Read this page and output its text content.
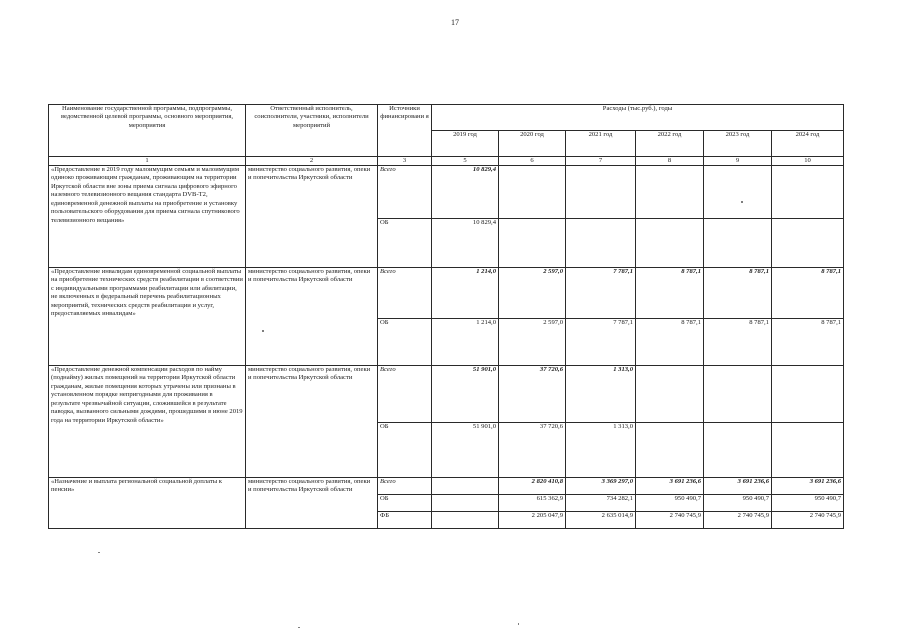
17
Наименование государственной программы, подпрограммы, ведомственной целевой программы, основного мероприятия, мероприятия	Ответственный исполнитель, соисполнители, участники, исполнители мероприятий	Источники финансировани я	Расходы (тыс.руб.), годы					
			2019 год	2020 год	2021 год	2022 год	2023 год	2024 год
1	2	3	5	6	7	8	9	10
«Предоставление в 2019 году малоимущим семьям и малоимущим одиноко проживающим гражданам, проживающим на территории Иркутской области вне зоны приема сигнала цифрового эфирного наземного телевизионного вещания стандарта DVB-T2, единовременной денежной выплаты на приобретение и установку пользовательского оборудования для приема сигнала спутникового телевизионного вещания»	министерство социального развития, опеки и попечительства Иркутской области	Всего	10 829,4					
		ОБ	10 829,4					
«Предоставление инвалидам единовременной социальной выплаты на приобретение технических средств реабилитации в соответствии с индивидуальными программами реабилитации или абилитации, не включенных в федеральный перечень реабилитационных мероприятий, технических средств реабилитации и услуг, предоставляемых инвалидам»	министерство социального развития, опеки и попечительства Иркутской области	Всего	1 214,0	2 597,0	7 787,1	8 787,1	8 787,1	8 787,1
		ОБ	1 214,0	2 597,0	7 787,1	8 787,1	8 787,1	8 787,1
«Предоставление денежной компенсации расходов по найму (поднайму) жилых помещений на территории Иркутской области гражданам, жилые помещения которых утрачены или признаны в установленном порядке непригодными для проживания в результате чрезвычайной ситуации, сложившейся в результате паводка, вызванного сильными дождями, прошедшими в июне 2019 года на территории Иркутской области»	министерство социального развития, опеки и попечительства Иркутской области	Всего	51 901,0	37 720,6	1 313,0			
		ОБ	51 901,0	37 720,6	1 313,0			
«Назначение и выплата региональной социальной доплаты к пенсии»	министерство социального развития, опеки и попечительства Иркутской области	Всего		2 820 410,8	3 369 297,0	3 691 236,6	3 691 236,6	3 691 236,6
		ОБ		615 362,9	734 282,1	950 490,7	950 490,7	950 490,7
		ФБ		2 205 047,9	2 635 014,9	2 740 745,9	2 740 745,9	2 740 745,9
